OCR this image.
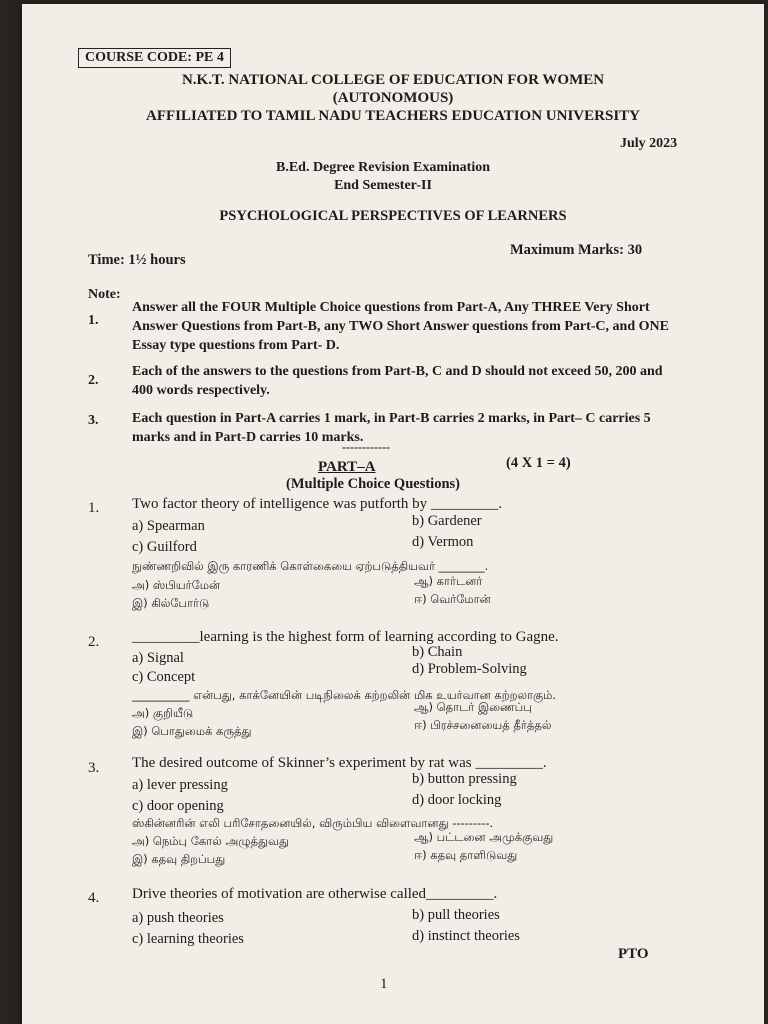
COURSE CODE: PE 4
N.K.T. NATIONAL COLLEGE OF EDUCATION FOR WOMEN
(AUTONOMOUS)
AFFILIATED TO TAMIL NADU TEACHERS EDUCATION UNIVERSITY
July 2023
B.Ed. Degree Revision Examination
End Semester-II
PSYCHOLOGICAL PERSPECTIVES OF LEARNERS
Time: 1½ hours
Maximum Marks: 30
Note:
1.
Answer all the FOUR Multiple Choice questions from Part-A, Any THREE Very Short Answer Questions from Part-B, any TWO Short Answer questions from Part-C, and ONE Essay type questions from Part- D.
2.
Each of the answers to the questions from Part-B, C and D should not exceed 50, 200 and 400 words respectively.
3. Each question in Part-A carries 1 mark, in Part-B carries 2 marks, in Part– C carries 5 marks and in Part-D carries 10 marks.
------------
PART–A	(4 X 1 = 4)
(Multiple Choice Questions)
1. Two factor theory of intelligence was putforth by _________.
a) Spearman	b) Gardener
c) Guilford	d) Vermon
நுண்ணறிவில் இரு காரணிக் கொள்கையை ஏற்படுத்தியவர் ________.
அ) ஸ்பியர்மேன்	ஆ) கார்டனர்
இ) கில்போர்டு	ஈ) வெர்மோன்
2. _________learning is the highest form of learning according to Gagne.
a) Signal	b) Chain
c) Concept	d) Problem-Solving
__________ என்பது, காக்னேயின் படிநிலைக் கற்றலின் மிக உயர்வான கற்றலாகும்.
அ) குறியீடு	ஆ) தொடர் இணைப்பு
இ) பொதுமைக் கருத்து	ஈ) பிரச்சனையைத் தீர்த்தல்
3. The desired outcome of Skinner’s experiment by rat was _________.
a) lever pressing	b) button pressing
c) door opening	d) door locking
ஸ்கின்னரின் எலி பரிசோதனையில், விரும்பிய விளைவானது ---------.
அ) நெம்பு கோல் அழுத்துவது	ஆ) பட்டனை அமுக்குவது
இ) கதவு திறப்பது	ஈ) கதவு தாளிடுவது
4. Drive theories of motivation are otherwise called_________.
a) push theories	b) pull theories
c) learning theories	d) instinct theories
PTO
1
